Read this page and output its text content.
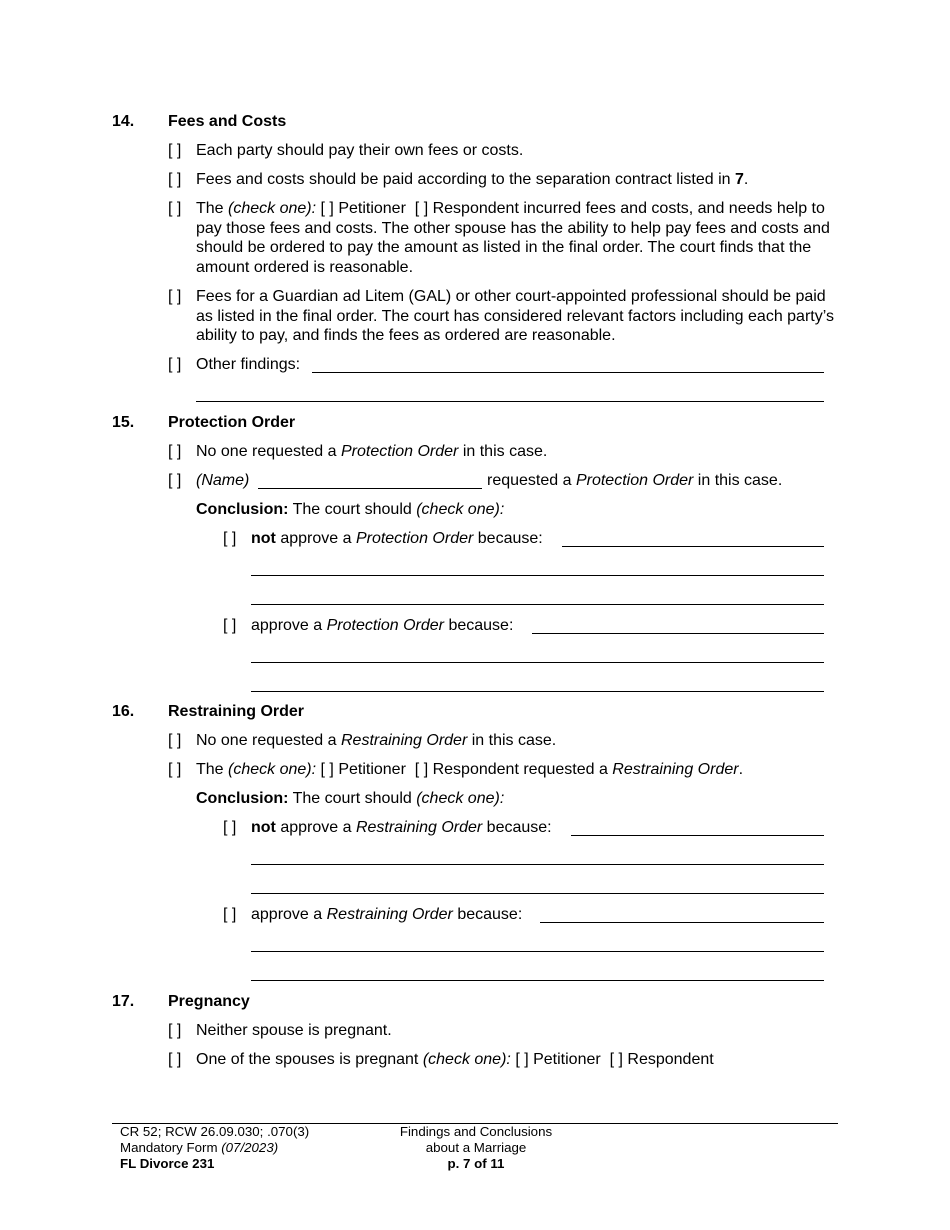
14. Fees and Costs
[ ] Each party should pay their own fees or costs.
[ ] Fees and costs should be paid according to the separation contract listed in 7.
[ ] The (check one): [ ] Petitioner [ ] Respondent incurred fees and costs, and needs help to pay those fees and costs. The other spouse has the ability to help pay fees and costs and should be ordered to pay the amount as listed in the final order. The court finds that the amount ordered is reasonable.
[ ] Fees for a Guardian ad Litem (GAL) or other court-appointed professional should be paid as listed in the final order. The court has considered relevant factors including each party’s ability to pay, and finds the fees as ordered are reasonable.
[ ] Other findings:
15. Protection Order
[ ] No one requested a Protection Order in this case.
[ ] (Name)	requested a Protection Order in this case.
Conclusion: The court should (check one):
[ ] not approve a Protection Order because:
[ ] approve a Protection Order because:
16. Restraining Order
[ ] No one requested a Restraining Order in this case.
[ ] The (check one): [ ] Petitioner [ ] Respondent requested a Restraining Order.
Conclusion: The court should (check one):
[ ] not approve a Restraining Order because:
[ ] approve a Restraining Order because:
17. Pregnancy
[ ] Neither spouse is pregnant.
[ ] One of the spouses is pregnant (check one): [ ] Petitioner [ ] Respondent
CR 52; RCW 26.09.030; .070(3)
Mandatory Form (07/2023)
FL Divorce 231
Findings and Conclusions
about a Marriage
p. 7 of 11
